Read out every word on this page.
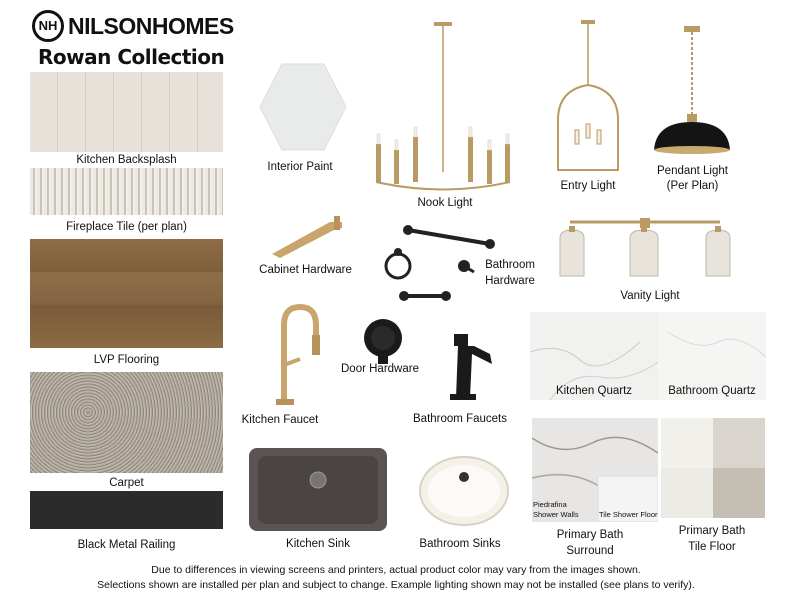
NH NILSONHOMES
Rowan Collection
Kitchen Backsplash
Fireplace Tile (per plan)
LVP Flooring
Carpet
Black Metal Railing
Interior Paint
Nook Light
Entry Light
Pendant Light
(Per Plan)
Cabinet Hardware	Bathroom
Hardware
Vanity Light
Kitchen Faucet
Door Hardware
Bathroom Faucets
Kitchen Quartz	Bathroom Quartz
Kitchen Sink	Bathroom Sinks
Piedrafina
Shower Walls	Tile Shower Floor
Primary Bath
Surround
Primary Bath
Tile Floor
Due to differences in viewing screens and printers, actual product color may vary from the images shown.
Selections shown are installed per plan and subject to change. Example lighting shown may not be installed (see plans to verify).
